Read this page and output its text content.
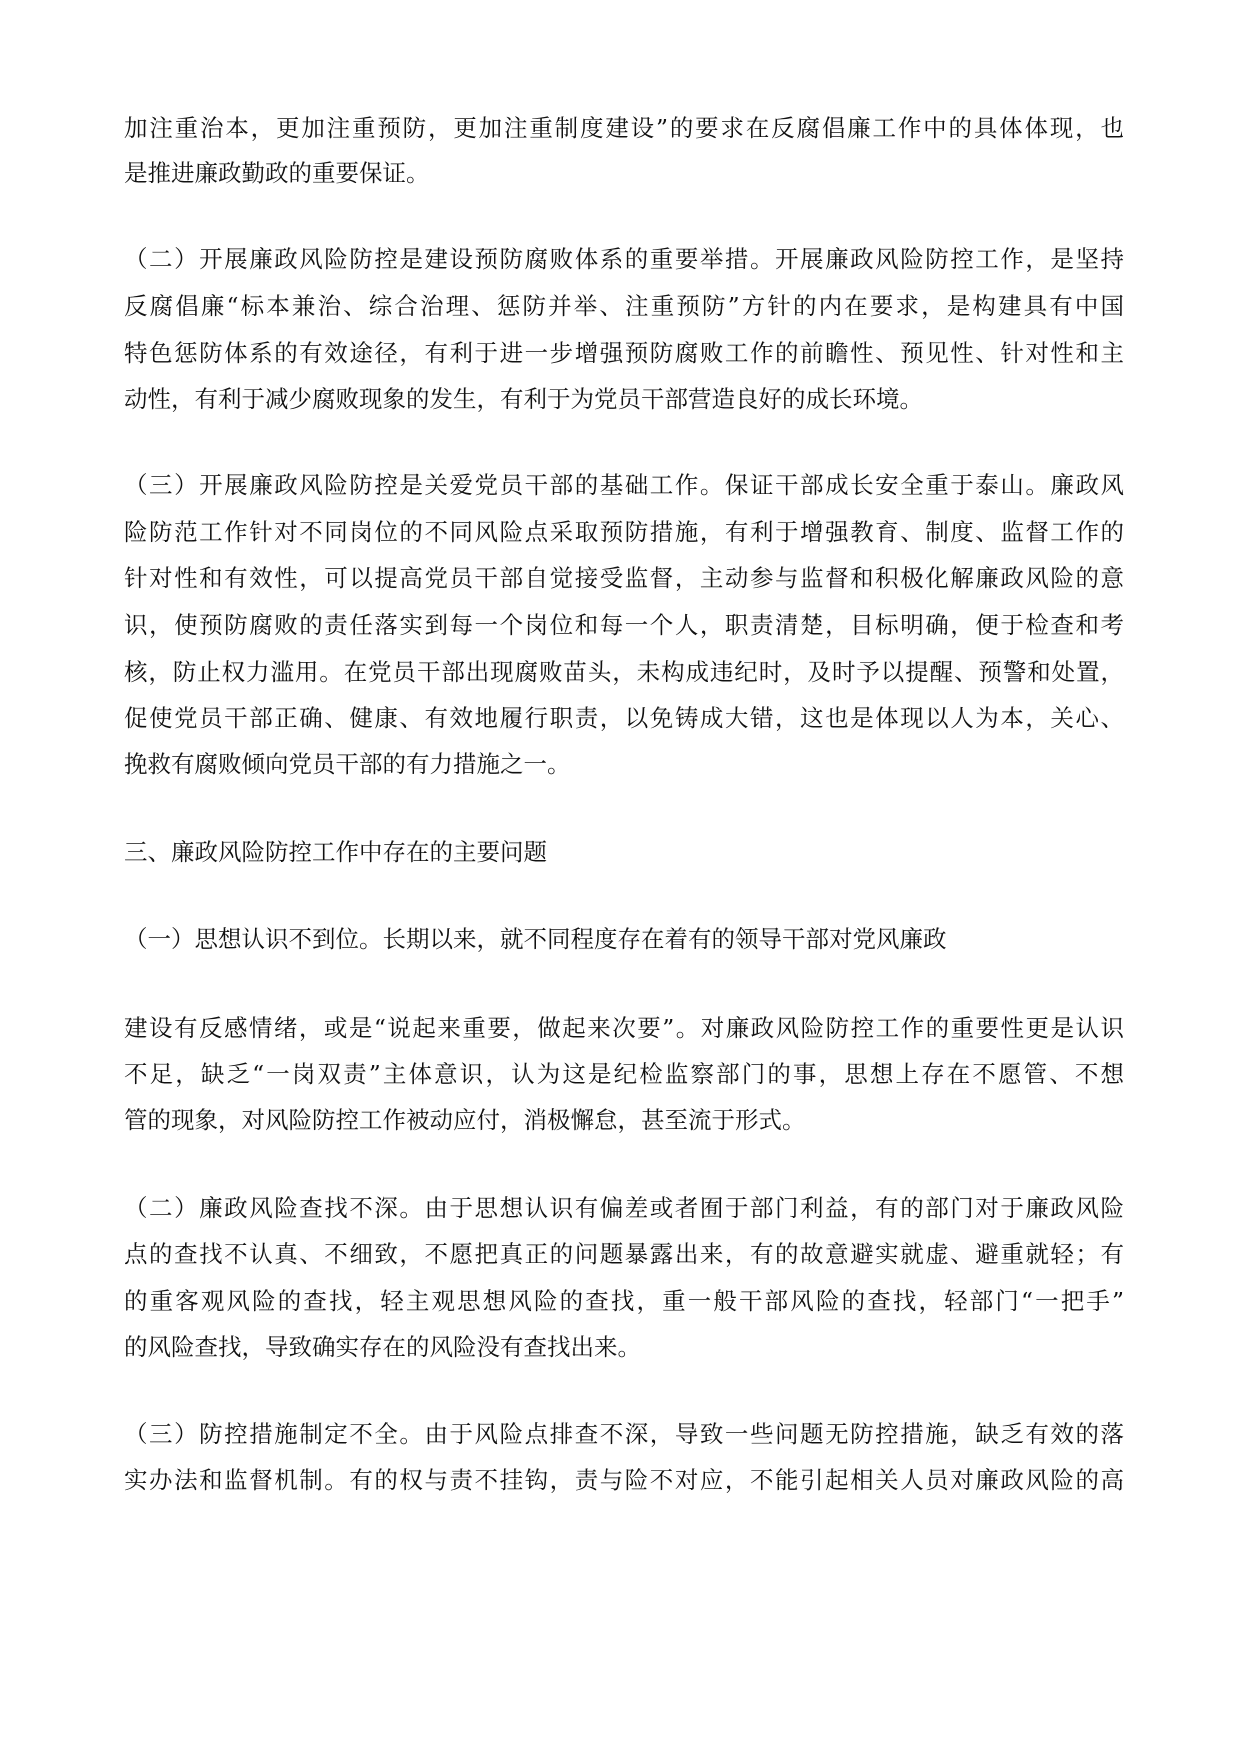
加注重治本，更加注重预防，更加注重制度建设”的要求在反腐倡廉工作中的具体体现，也
是推进廉政勤政的重要保证。
（二）开展廉政风险防控是建设预防腐败体系的重要举措。开展廉政风险防控工作，是坚持
反腐倡廉“标本兼治、综合治理、惩防并举、注重预防”方针的内在要求，是构建具有中国
特色惩防体系的有效途径，有利于进一步增强预防腐败工作的前瞻性、预见性、针对性和主
动性，有利于减少腐败现象的发生，有利于为党员干部营造良好的成长环境。
（三）开展廉政风险防控是关爱党员干部的基础工作。保证干部成长安全重于泰山。廉政风
险防范工作针对不同岗位的不同风险点采取预防措施，有利于增强教育、制度、监督工作的
针对性和有效性，可以提高党员干部自觉接受监督，主动参与监督和积极化解廉政风险的意
识，使预防腐败的责任落实到每一个岗位和每一个人，职责清楚，目标明确，便于检查和考
核，防止权力滥用。在党员干部出现腐败苗头，未构成违纪时，及时予以提醒、预警和处置，
促使党员干部正确、健康、有效地履行职责，以免铸成大错，这也是体现以人为本，关心、
挽救有腐败倾向党员干部的有力措施之一。
三、廉政风险防控工作中存在的主要问题
（一）思想认识不到位。长期以来，就不同程度存在着有的领导干部对党风廉政
建设有反感情绪，或是“说起来重要，做起来次要”。对廉政风险防控工作的重要性更是认识
不足，缺乏“一岗双责”主体意识，认为这是纪检监察部门的事，思想上存在不愿管、不想
管的现象，对风险防控工作被动应付，消极懈怠，甚至流于形式。
（二）廉政风险查找不深。由于思想认识有偏差或者囿于部门利益，有的部门对于廉政风险
点的查找不认真、不细致，不愿把真正的问题暴露出来，有的故意避实就虚、避重就轻；有
的重客观风险的查找，轻主观思想风险的查找，重一般干部风险的查找，轻部门“一把手”
的风险查找，导致确实存在的风险没有查找出来。
（三）防控措施制定不全。由于风险点排查不深，导致一些问题无防控措施，缺乏有效的落
实办法和监督机制。有的权与责不挂钩，责与险不对应，不能引起相关人员对廉政风险的高
